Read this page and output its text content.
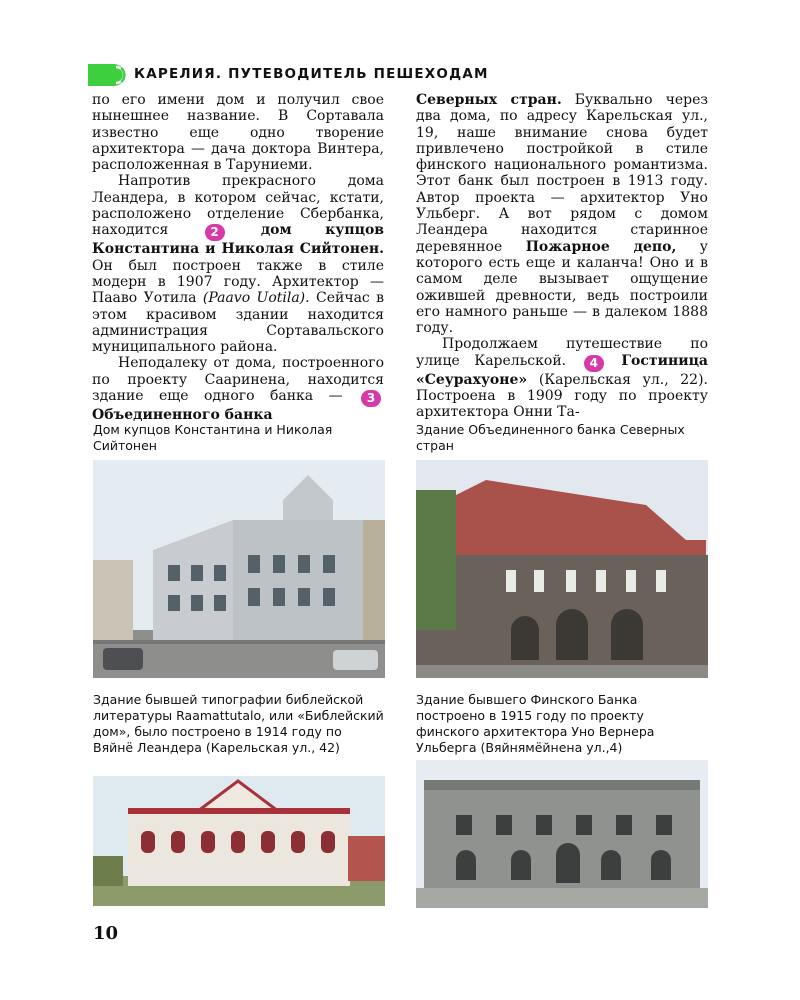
КАРЕЛИЯ. ПУТЕВОДИТЕЛЬ ПЕШЕХОДАМ

по его имени дом и получил свое нынешнее название. В Сортавала известно еще одно творение архитектора — дача доктора Винтера, расположенная в Таруниеми.

Напротив прекрасного дома Леандера, в котором сейчас, кстати, расположено отделение Сбербанка, находится	2	дом купцов Константина и Николая Сийтонен. Он был построен также в стиле модерн в 1907 году. Архитектор — Пааво Уотила (Paavo Uotila). Сейчас в этом красивом здании находится администрация Сортавальского муниципального района.

Неподалеку от дома, построенного по проекту Сааринена, находится здание еще одного банка — 3 Объединенного банка

Северных стран. Буквально через два дома, по адресу Карельская ул., 19, наше внимание снова будет привлечено постройкой в стиле финского национального романтизма. Этот банк был построен в 1913 году. Автор проекта — архитектор Уно Ульберг. А вот рядом с домом Леандера находится старинное деревянное Пожарное депо, у которого есть еще и каланча! Оно и в самом деле вызывает ощущение ожившей древности, ведь построили его намного раньше — в далеком 1888 году.

Продолжаем путешествие по улице Карельской. 4 Гостиница «Сеурахуоне» (Карельская ул., 22). Построена в 1909 году по проекту архитектора Онни Та-

Дом купцов Константина и Николая Сийтонен
Здание Объединенного банка Северных стран
Здание бывшей типографии библейской литературы Raamattutalo, или «Библейский дом», было построено в 1914 году по Вяйнё Леандера (Карельская ул., 42)
Здание бывшего Финского Банка построено в 1915 году по проекту финского архитектора Уно Вернера Ульберга (Вяйнямёйнена ул.,4)
10
